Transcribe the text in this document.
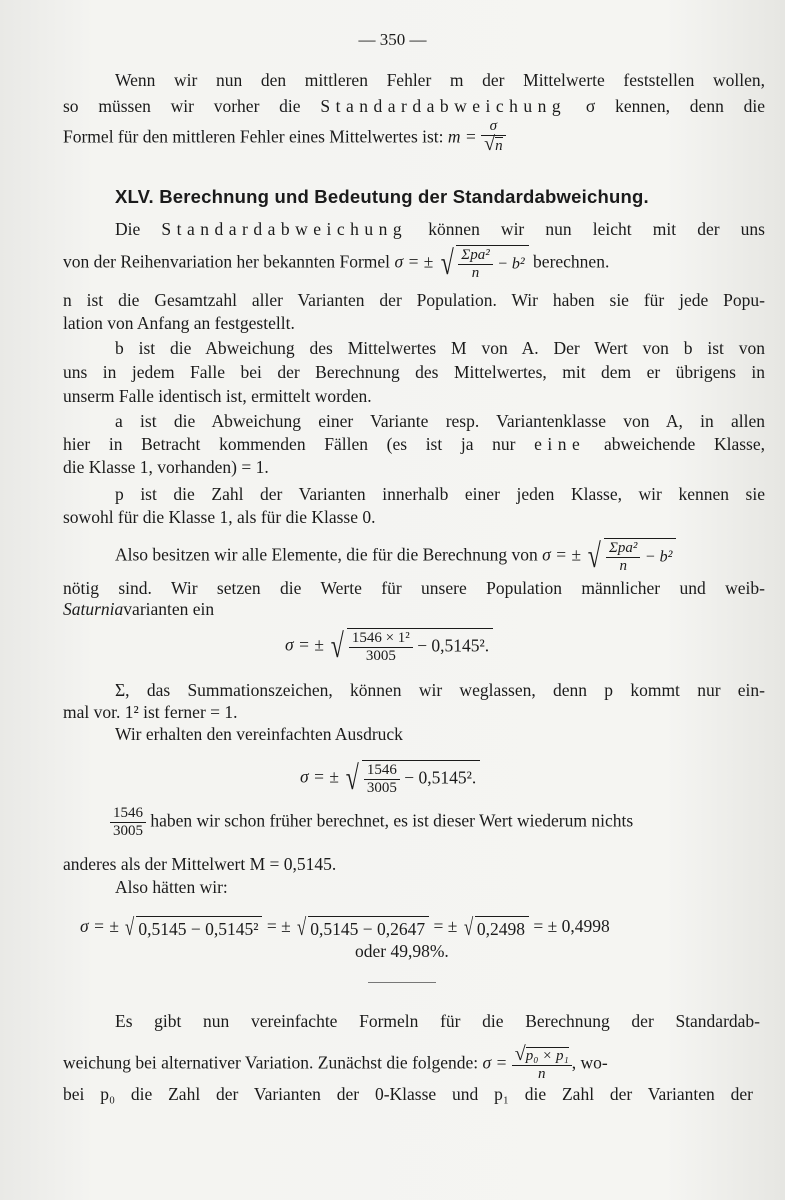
— 350 —
Wenn wir nun den mittleren Fehler m der Mittelwerte feststellen wollen,
so müssen wir vorher die Standardabweichung σ kennen, denn die
Formel für den mittleren Fehler eines Mittelwertes ist: $m = \frac{\sigma}{√n}$
XLV. Berechnung und Bedeutung der Standardabweichung.
Die Standardabweichung können wir nun leicht mit der uns
von der Reihenvariation her bekannten Formel σ = ± √ Σpa²
n
− b² berechnen.
n ist die Gesamtzahl aller Varianten der Population. Wir haben sie für jede Popu-
lation von Anfang an festgestellt.
b ist die Abweichung des Mittelwertes M von A. Der Wert von b ist von
uns in jedem Falle bei der Berechnung des Mittelwertes, mit dem er übrigens in
unserm Falle identisch ist, ermittelt worden.
a ist die Abweichung einer Variante resp. Variantenklasse von A, in allen
hier in Betracht kommenden Fällen (es ist ja nur eine abweichende Klasse,
die Klasse 1, vorhanden) = 1.
p ist die Zahl der Varianten innerhalb einer jeden Klasse, wir kennen sie
sowohl für die Klasse 1, als für die Klasse 0.
Also besitzen wir alle Elemente, die für die Berechnung von σ = ± √ Σpa²
n
− b²
nötig sind. Wir setzen die Werte für unsere Population männlicher und weib-
Saturniavarianten ein
σ = ± √ $\frac{\text{1546 × 1²}}{3005} - 0,5145^2$.
Σ, das Summationszeichen, können wir weglassen, denn p kommt nur ein-
mal vor. 1² ist ferner = 1.
Wir erhalten den vereinfachten Ausdruck
σ = ± √ $\frac{1546}{3005} - 0,5145^2$.
$\frac{1546}{3005}$ haben wir schon früher berechnet, es ist dieser Wert wiederum nichts
anderes als der Mittelwert M = 0,5145.
Also hätten wir:
σ = ± √ 0,5145 − 0,5145² = ± √ 0,5145 − 0,2647 = ± √ 0,2498 = ± 0,4998
oder 49,98%.
Es gibt nun vereinfachte Formeln für die Berechnung der Standardab-
weichung bei alternativer Variation. Zunächst die folgende: $\sigma = \frac{\text{√p₀ × p₁}}{n}$ , wo-
bei p₀ die Zahl der Varianten der 0-Klasse und p₁ die Zahl der Varianten der
